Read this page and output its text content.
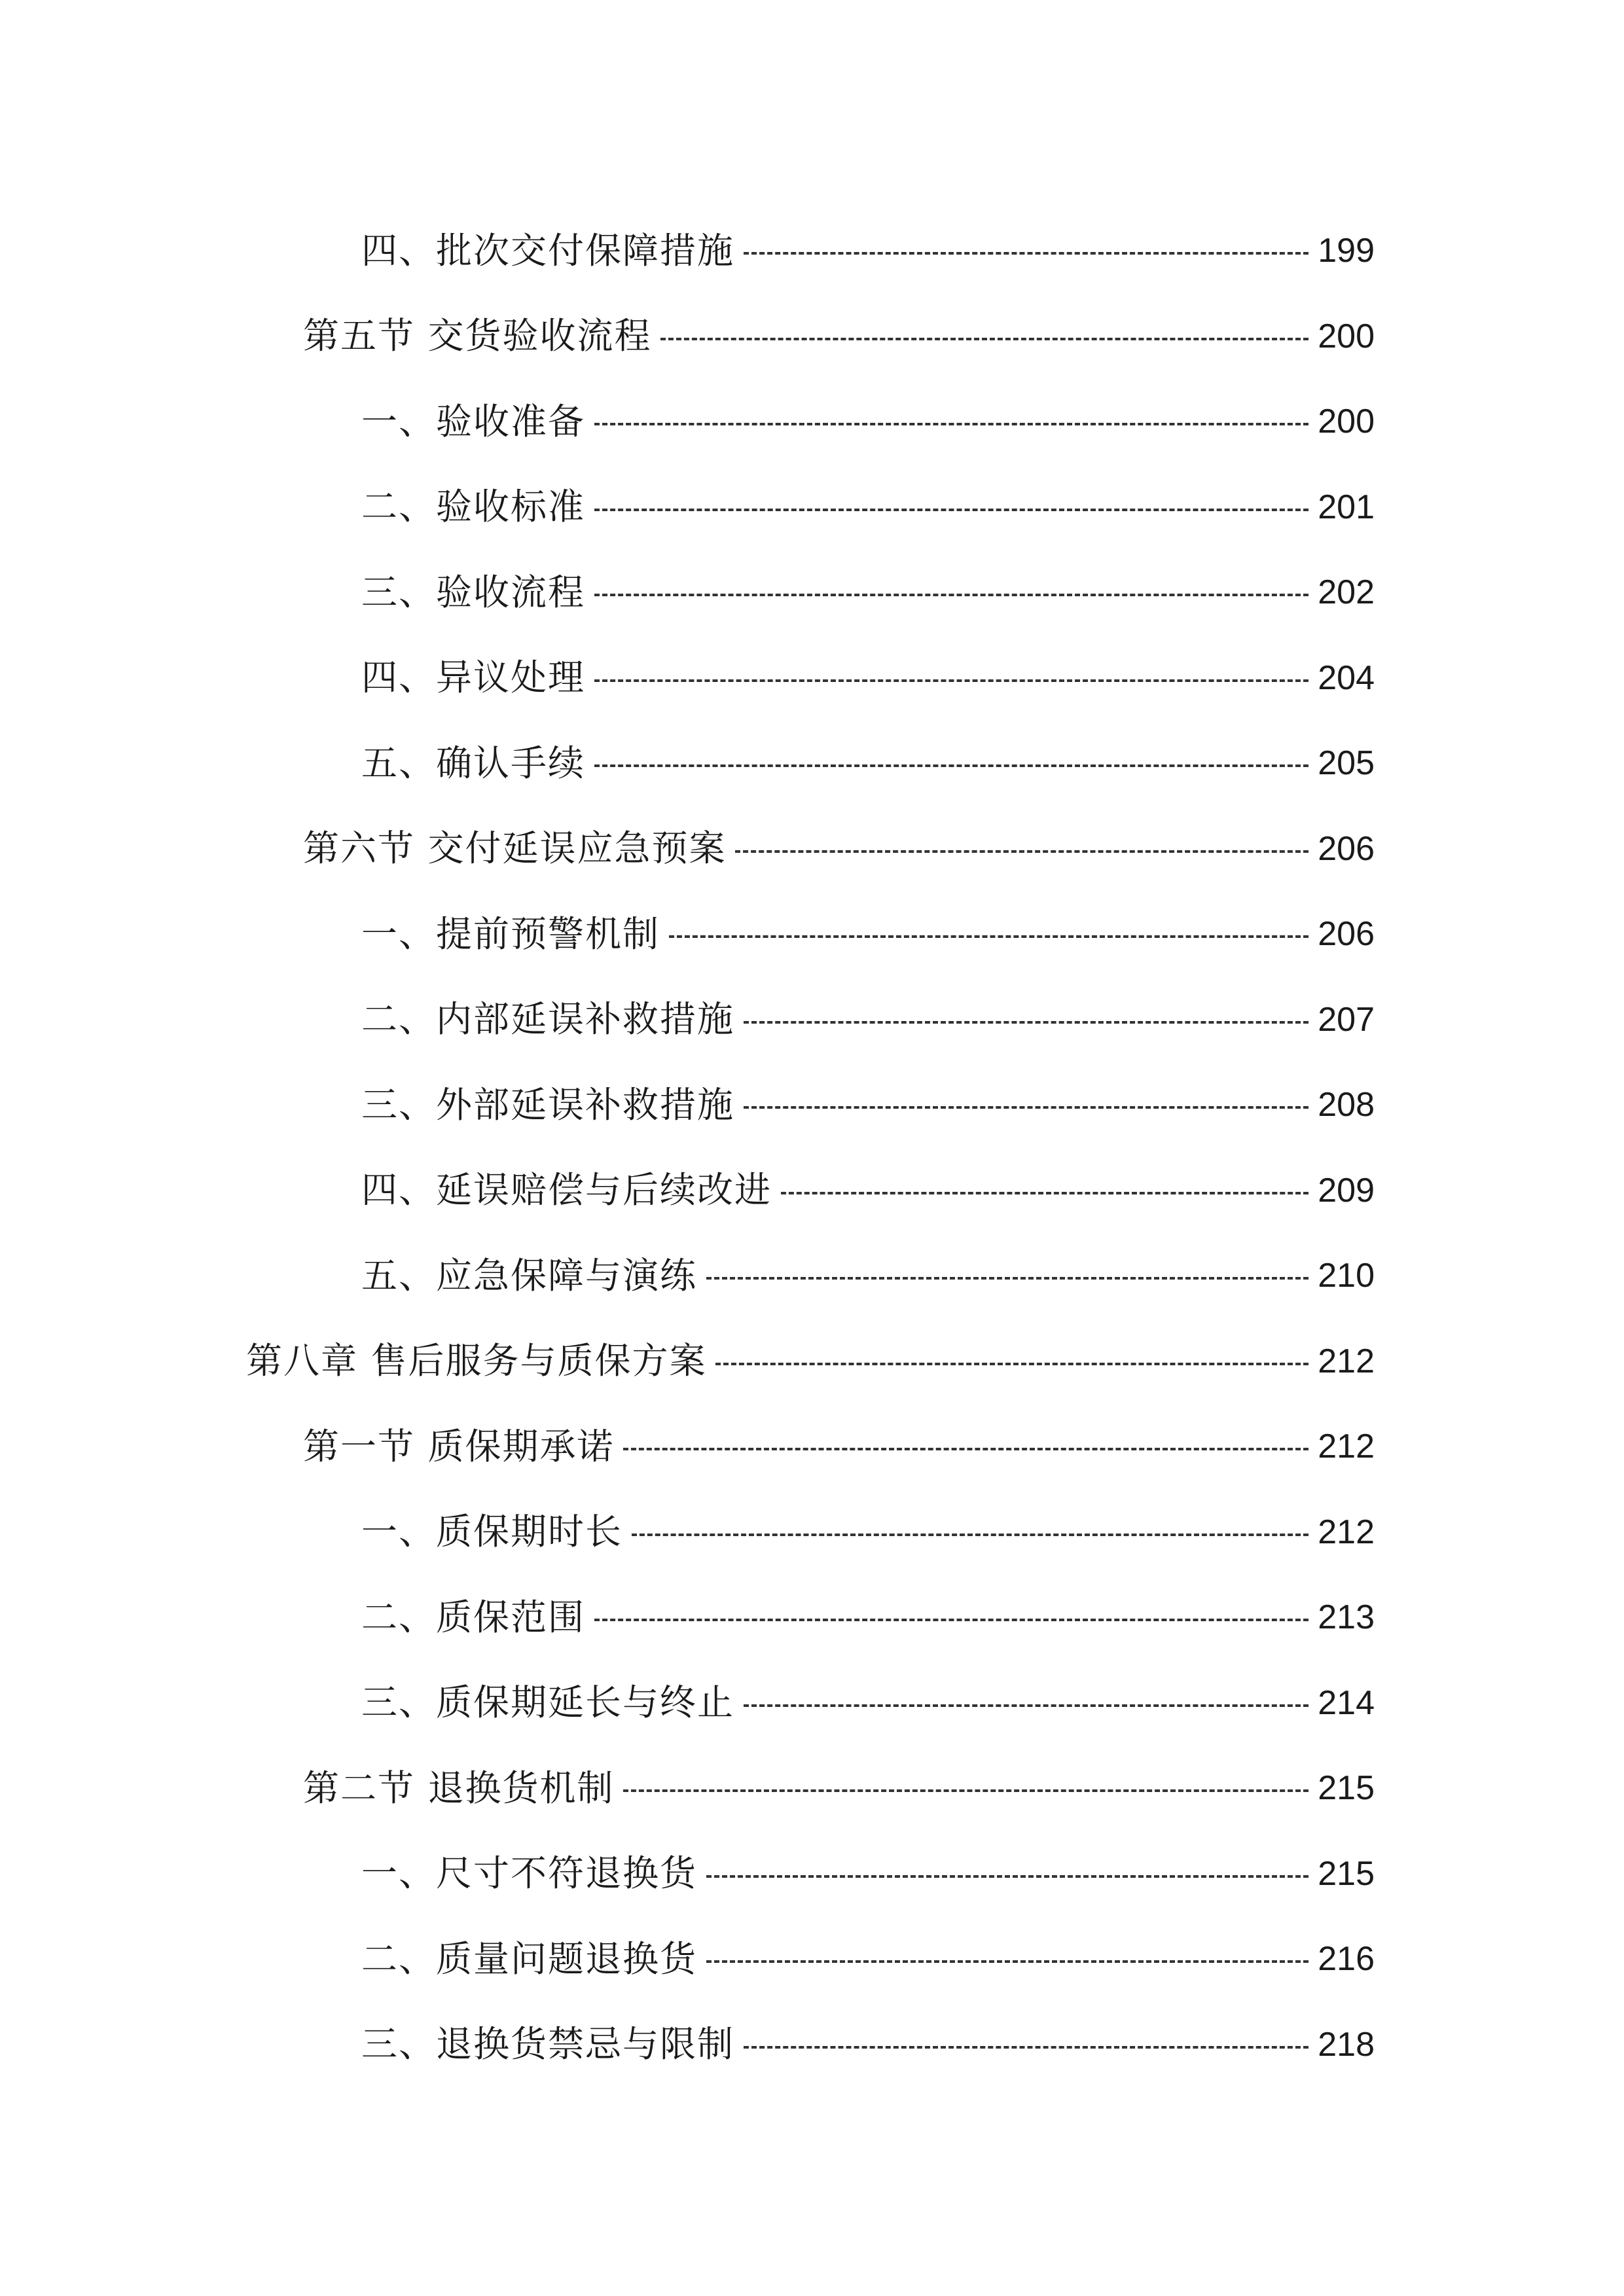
四、批次交付保障措施	199
第五节 交货验收流程	200
一、验收准备	200
二、验收标准	201
三、验收流程	202
四、异议处理	204
五、确认手续	205
第六节 交付延误应急预案	206
一、提前预警机制	206
二、内部延误补救措施	207
三、外部延误补救措施	208
四、延误赔偿与后续改进	209
五、应急保障与演练	210
第八章 售后服务与质保方案	212
第一节 质保期承诺	212
一、质保期时长	212
二、质保范围	213
三、质保期延长与终止	214
第二节 退换货机制	215
一、尺寸不符退换货	215
二、质量问题退换货	216
三、退换货禁忌与限制	218
